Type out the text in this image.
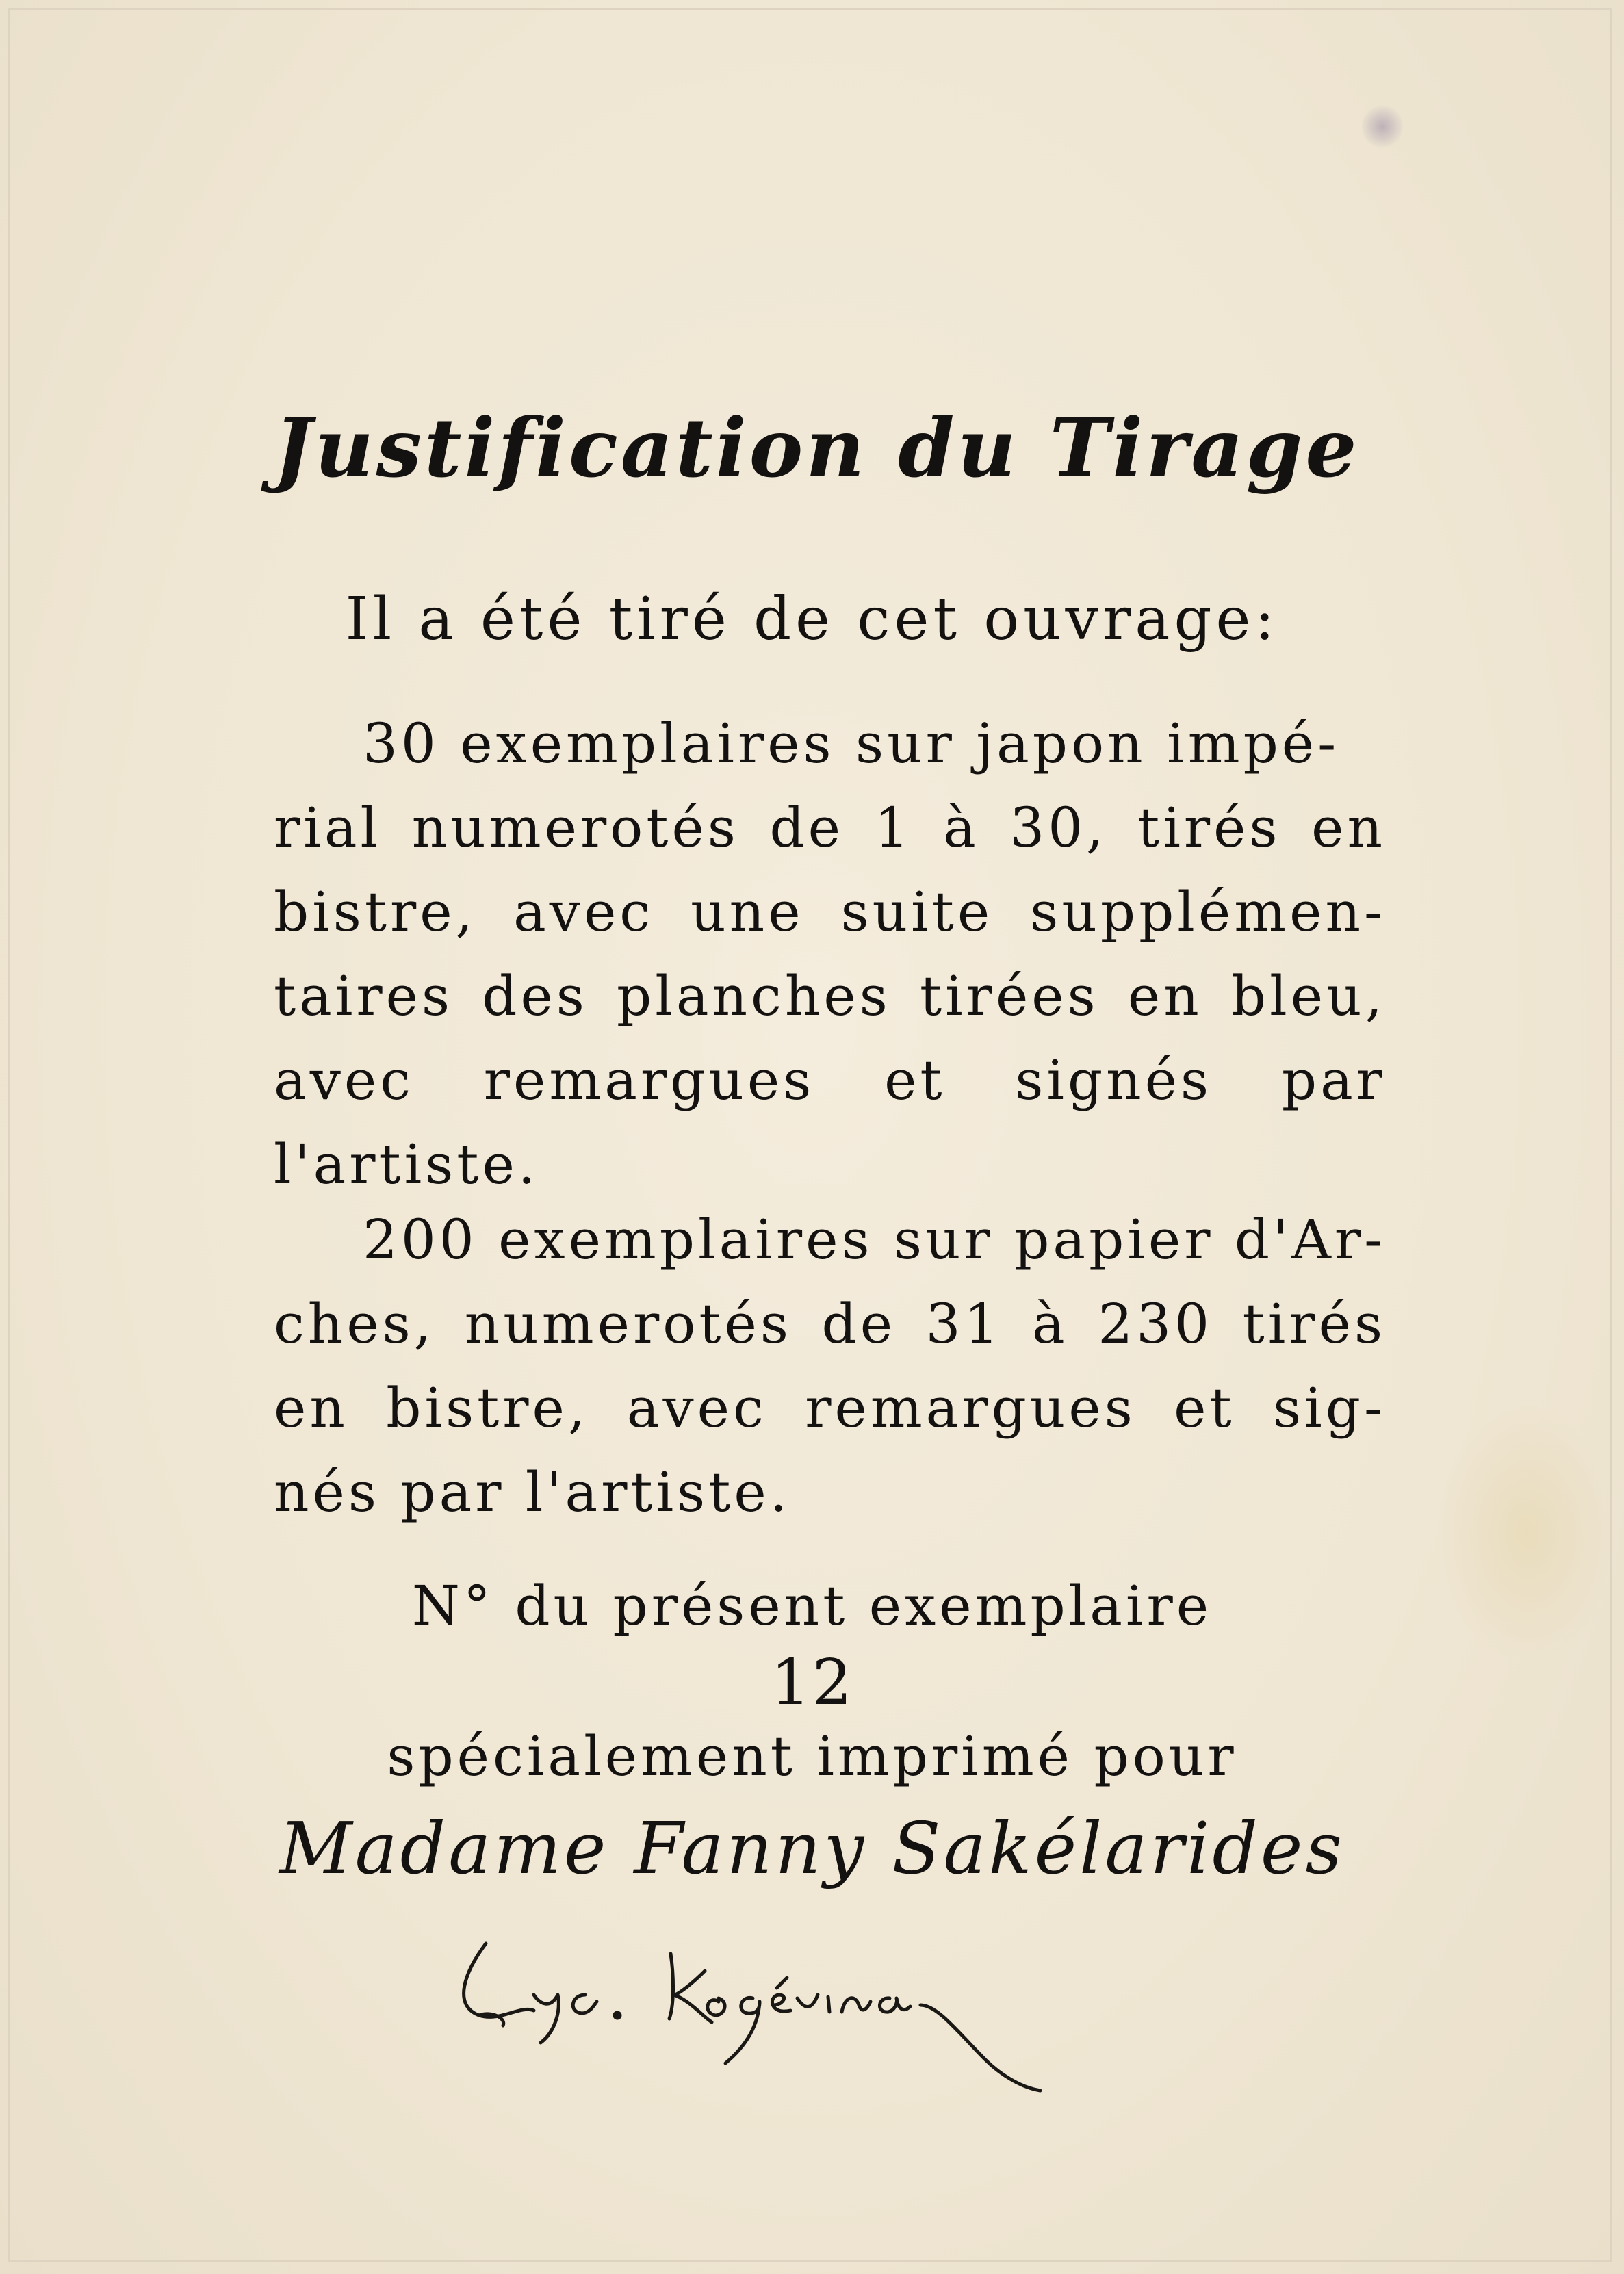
Justification du Tirage

Il a été tiré de cet ouvrage:

30 exemplaires sur japon impé-

rial numerotés de 1 à 30, tirés en

bistre, avec une suite supplémen-

taires des planches tirées en bleu,

avec remargues et signés par

l'artiste.

200 exemplaires sur papier d'Ar-

ches, numerotés de 31 à 230 tirés

en bistre, avec remargues et sig-

nés par l'artiste.

N° du présent exemplaire

12

spécialement imprimé pour

Madame Fanny Sakélarides
